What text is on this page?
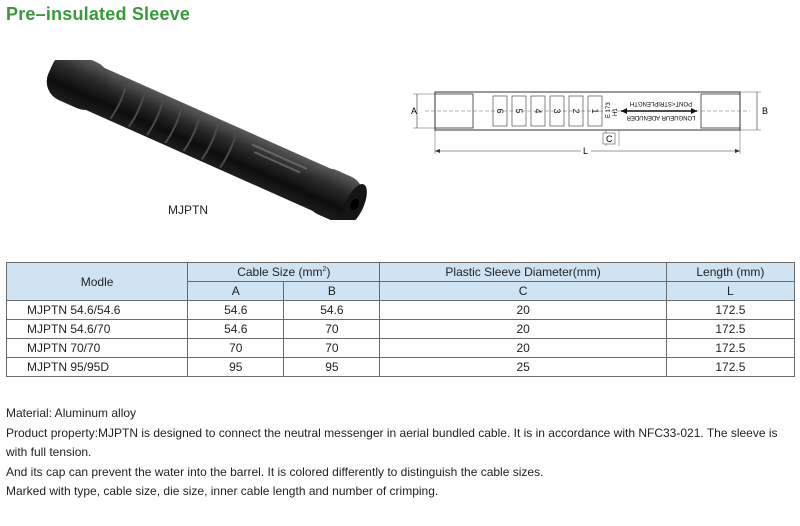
Pre–insulated Sleeve
MJPTN
6 5 4 3 2 1 E 173 H1
PONT<STRIPLENGTH
LONGUEUR ADENUDER
A	B
C
L
Modle	Cable Size $(mm^2)$		Plastic Sleeve Diameter(mm)	Length (mm)
	A	B	C	L
MJPTN 54.6/54.6	54.6	54.6	20	172.5
MJPTN 54.6/70	54.6	70	20	172.5
MJPTN 70/70	70	70	20	172.5
MJPTN 95/95D	95	95	25	172.5

Material: Aluminum alloy

Product property:MJPTN is designed to connect the neutral messenger in aerial bundled cable. It is in accordance with NFC33-021. The sleeve is with full tension.

And its cap can prevent the water into the barrel. It is colored differently to distinguish the cable sizes.

Marked with type, cable size, die size, inner cable length and number of crimping.
